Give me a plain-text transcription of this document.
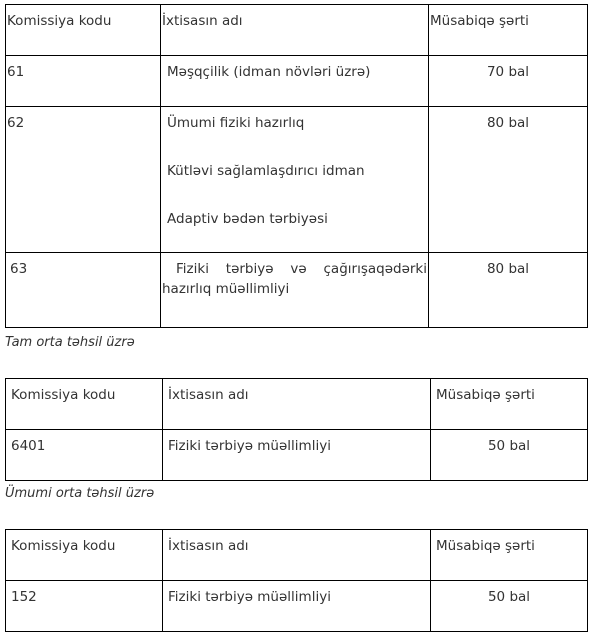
Komissiya kodu	İxtisasın adı	Müsabiqə şərti

61	Məşqçilik (idman növləri üzrə)	70 bal

62	Ümumi fiziki hazırlıq
Kütləvi sağlamlaşdırıcı idman
Adaptiv bədən tərbiyəsi	80 bal

63	Fiziki tərbiyə və çağırışaqədərki hazırlıq müəllimliyi	80 bal
Tam orta təhsil üzrə
Komissiya kodu	İxtisasın adı	Müsabiqə şərti

6401	Fiziki tərbiyə müəllimliyi	50 bal
Ümumi orta təhsil üzrə
Komissiya kodu	İxtisasın adı	Müsabiqə şərti

152	Fiziki tərbiyə müəllimliyi	50 bal
